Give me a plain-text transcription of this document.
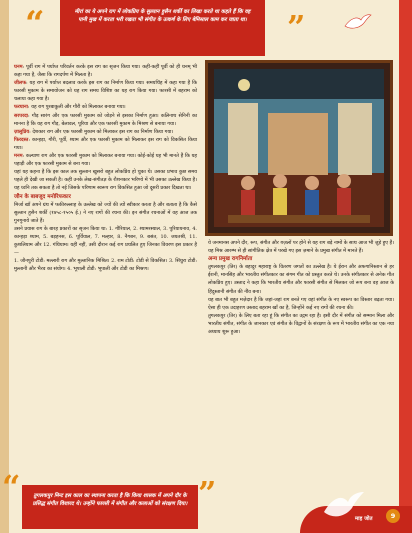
“	मीरां का ये अपने राग में लोकप्रिय के सुल्तान हुसैन शर्की का लिखा करते था कहते हैं कि वह पानी मुख में करता भरी रखता भी संगीत के उत्कर्ष के लिए बेमिसाल काम कर जाता था।	”

घनम: पूर्वी राग में पर्याप्त परिवर्तन करके इस राग का सृजन किया गया। कहीं-कहीं पूर्वी को ही धनम् भी कहा गया है, जैसा कि रागदर्पण में मिलता है।

जीलफ: यह राग में पर्याप्त बदलाव करके इस राग का निर्माण किया गया। समयचिंह में कहा गया है कि फारसी मुकाम के समायोजन को यह राग समय विशिष्ट का यह राग किया गया। फारसी में बहराम को चलाया कहा गया है।

फरघाना: यह राग पुरबाकुली और गौरी को मिलाकर बनाया गया।

सरपरदा: गौड़ सारंग और एक फारसी मुकाम को जोड़ने से इसका निर्माण हुआ। कलिनाथ सेनिनी का मानना है कि यह राग गौड़, बेलावल, पूरिया और एक फारसी मुकाम के मिश्रण से बनाया गया।

ज़ालुप्रिय: देशकार राग और एक फारसी मुकाम को मिलाकर इस राग का निर्माण किया गया।

फिरदस्त: कान्हड़ा, गौरी, पूर्वी, श्याम और एक फारसी मुकाम को मिलाकर इस राग को विकसित किया गया।

मनम: कल्याण राग और एक फारसी मुकाम को मिलाकर बनाया गया। कोई-कोई यह भी मानते हैं कि यह पहाड़ी और एक फारसी मुकाम से बना गया।

यहां यह कहना है कि इस काल तक सुल्तान खुसरो बहुत लोकप्रिय हो चुका थे। उसका प्रभाव कुछ समय पहले ही देखी जा सकती है। कहीं उनके लेख-संगीतज्ञ के रौशनकार भरिण्ये में भी उसका उल्लेख किया है। यह ध्वनि तक सकता है तो नई जिसके परिणाम स्वरूप राग विकसित हुआ जो दूसरी प्रकार दिखता था।

जौन के बाबजूद मनोरिफकार

मिर्जा खाँ अपने ग्रंथ में फकीरुल्लाह के उल्लेख को ज्यों की त्यों स्वीकार करता है और बताता है कि कैसे सुल्तान हुसैन शर्की (१४५८-१५०५ ई.) ने नए रागों की रचना की। इन संगीत रचनाओं में वह आज तक गुनगुनाये जाते हैं।

उसने प्रयास राग के बारह प्रकारों का सृजन किया था: 1. गौरियाल, 2. श्यामरस्याल, 3. पुरियायनाव, 4. कान्हड़ा श्याम, 5. बड़हनस, 6. पूर्वियाल, 7. मल्हार, 8. नैगबन, 9. बसंत, 10. जयतश्री, 11. कुशलियाम और 12. गंधियाम। यहीं नहीं, उसी दौरान कई राग प्रचलित हुए जिनका विवरण इस प्रकार है—

1. जौनपुरी टोडी: मल्लारी राग और मुल्तानिक मिश्रित। 2. राम टोडी: टोडी से विकसित। 3. सिंधुरा टोडी: मुल्तानी और भैरव का संयोग। 4. भूपाली टोडी: भूपाली और टोडी का मिश्रण।

ये जनमानस अपने दौर, रूप, संगीत और ग़ज़लों पर होने से यह राग बड़े नामों के साथ आज भी जुड़े हुए हैं। यह मिश्र आरम्भ से ही सांगीतिक क्षेत्र में परखे गए इस ज़माने के प्रमुख संगीत में मानते हैं।

अन्य प्रमुख रागनिर्माता

तुगलकपुर (तिर) के बहादुर महाराष्ट्र के वितरण जगतों का उल्लेख है। ये ईरान और अफगानिस्तान से हर ईरानी, मानसिंह और भारतीय संगीतकार का संगम गीत को प्रस्तुत करते थे। उनके संगीतकार से अनेक गीत लोकप्रिय हुए। उस्ताद ने कहा कि भारतीय संगीत और फारसी संगीत से मिलकर जो रूप बना वह आज के हिंदुस्तानी संगीत की नींव बना।

यह बात भी बहुत मज़ेदार है कि जहां-जहां राग बनते गए वहां संगीत के नए स्वरूप का विस्तार बढ़ता गया। ऐसा ही एक उदाहरण उस्ताद बहराम खाँ का है, जिन्होंने कई नए रागों की रचना की।

तुगलकपुर (तिर) के लिए बता रहा हूं कि संगीत का उद्गम रहा है। इसी दौर में संगीत को सम्मान मिला और भारतीय संगीत, संगीत के जानकार एवं संगीत के विद्वानों के संरक्षण के रूप में भारतीय संगीत का एक नया अध्याय शुरू हुआ।

“	तुगलकपुर मिन्ट इस काल का स्थापना करता है कि किया शासक में अपने दौर के प्रसिद्ध संगीत विशारद थे। उन्होंने फारसी में संगीत और कलाओं को संरक्षण दिया। ”
माह जोत	9
